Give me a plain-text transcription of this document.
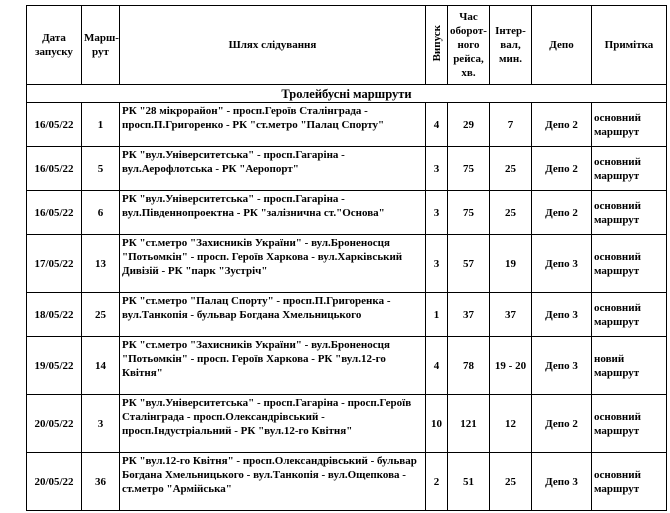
Дата запуску	Марш-рут	Шлях слідування	Випуск	Час оборот-ного рейса, хв.	Інтер-вал, мин.	Депо	Примітка
Тролейбусні маршрути							
16/05/22	1	РК "28 мікрорайон" - просп.Героїв Сталінграда - просп.П.Григоренко - РК "ст.метро "Палац Спорту"	4	29	7	Депо 2	основний маршрут
16/05/22	5	РК "вул.Університетська" - просп.Гагаріна - вул.Аерофлотська - РК "Аеропорт"	3	75	25	Депо 2	основний маршрут
16/05/22	6	РК "вул.Університетська" - просп.Гагаріна - вул.Південнопроектна - РК "залізнична ст."Основа"	3	75	25	Депо 2	основний маршрут
17/05/22	13	РК "ст.метро "Захисників України" - вул.Броненосця "Потьомкін" - просп. Героїв Харкова - вул.Харківський Дивізій - РК "парк "Зустріч"	3	57	19	Депо 3	основний маршрут
18/05/22	25	РК "ст.метро "Палац Спорту" - просп.П.Григоренка - вул.Танкопія - бульвар Богдана Хмельницького	1	37	37	Депо 3	основний маршрут
19/05/22	14	РК "ст.метро "Захисників України" - вул.Броненосця "Потьомкін" - просп. Героїв Харкова - РК "вул.12-го Квітня"	4	78	19 - 20	Депо 3	новий маршрут
20/05/22	3	РК "вул.Університетська" - просп.Гагаріна - просп.Героїв Сталінграда - просп.Олександрівський - просп.Індустріальний - РК "вул.12-го Квітня"	10	121	12	Депо 2	основний маршрут
20/05/22	36	РК "вул.12-го Квітня" - просп.Олександрівський - бульвар Богдана Хмельницького - вул.Танкопія - вул.Ощепкова - ст.метро "Армійська"	2	51	25	Депо 3	основний маршрут
